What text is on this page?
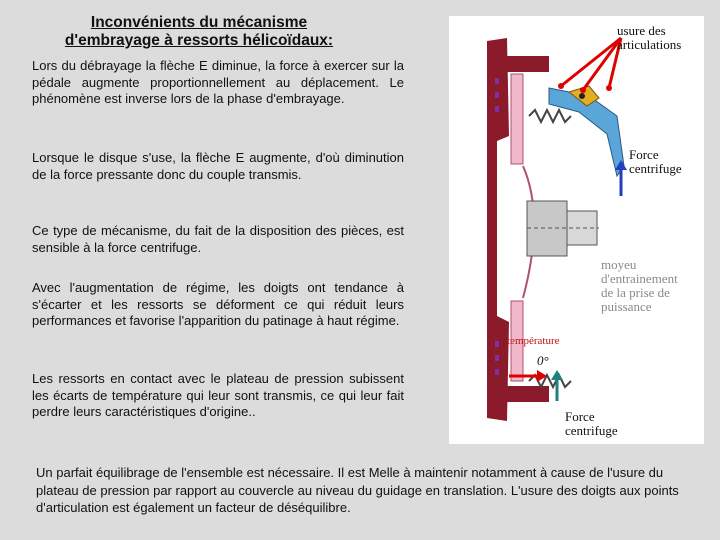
Inconvénients du mécanisme
d'embrayage à ressorts hélicoïdaux:

Lors du débrayage la flèche E diminue, la force à exercer sur la pédale augmente proportionnellement au déplacement. Le phénomène est inverse lors de la phase d'embrayage.

Lorsque le disque s'use, la flèche E augmente, d'où diminution de la force pressante donc du couple transmis.

Ce type de mécanisme, du fait de la disposition des pièces, est sensible à la force centrifuge.

Avec l'augmentation de régime, les doigts ont tendance à s'écarter et les ressorts se déforment ce qui réduit leurs performances et favorise l'apparition du patinage à haut régime.

Les ressorts en contact avec le plateau de pression subissent les écarts de température qui leur sont transmis, ce qui leur fait perdre leurs caractéristiques d'origine..

Un parfait équilibrage de l'ensemble est nécessaire. Il est Melle à maintenir notamment à cause de l'usure du plateau de pression par rapport au couvercle au niveau du guidage en translation. L'usure des doigts aux points d'articulation est également un facteur de déséquilibre.

usure des
articulations
Force
centrifuge
moyeu
d'entrainement
de la prise de
puissance
température
0°
Force
centrifuge
